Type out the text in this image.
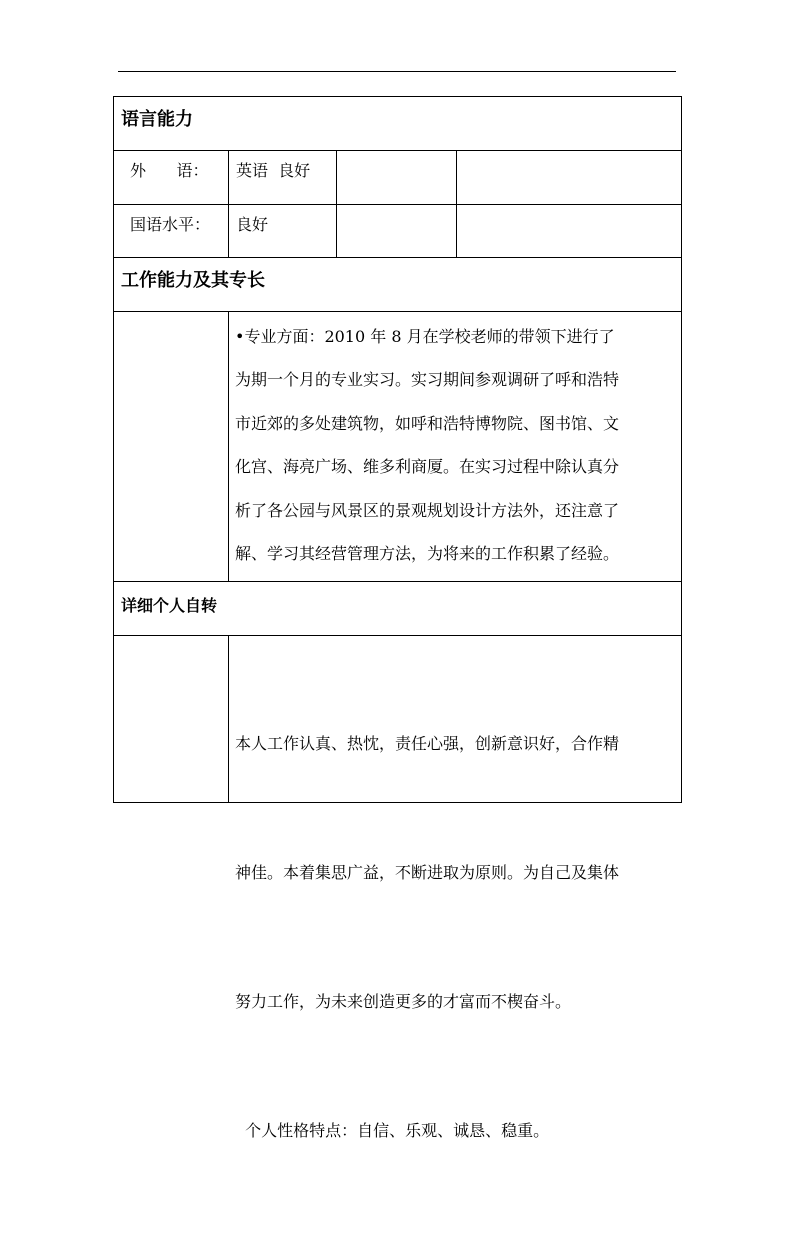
语言能力
外      语： 英语  良好
国语水平： 良好
工作能力及其专长
•专业方面：2010 年 8 月在学校老师的带领下进行了
为期一个月的专业实习。实习期间参观调研了呼和浩特
市近郊的多处建筑物，如呼和浩特博物院、图书馆、文
化宫、海亮广场、维多利商厦。在实习过程中除认真分
析了各公园与风景区的景观规划设计方法外，还注意了
解、学习其经营管理方法，为将来的工作积累了经验。
详细个人自转

本人工作认真、热忱，责任心强，创新意识好，合作精

神佳。本着集思广益，不断进取为原则。为自己及集体

努力工作，为未来创造更多的才富而不楔奋斗。

个人性格特点：自信、乐观、诚恳、稳重。
